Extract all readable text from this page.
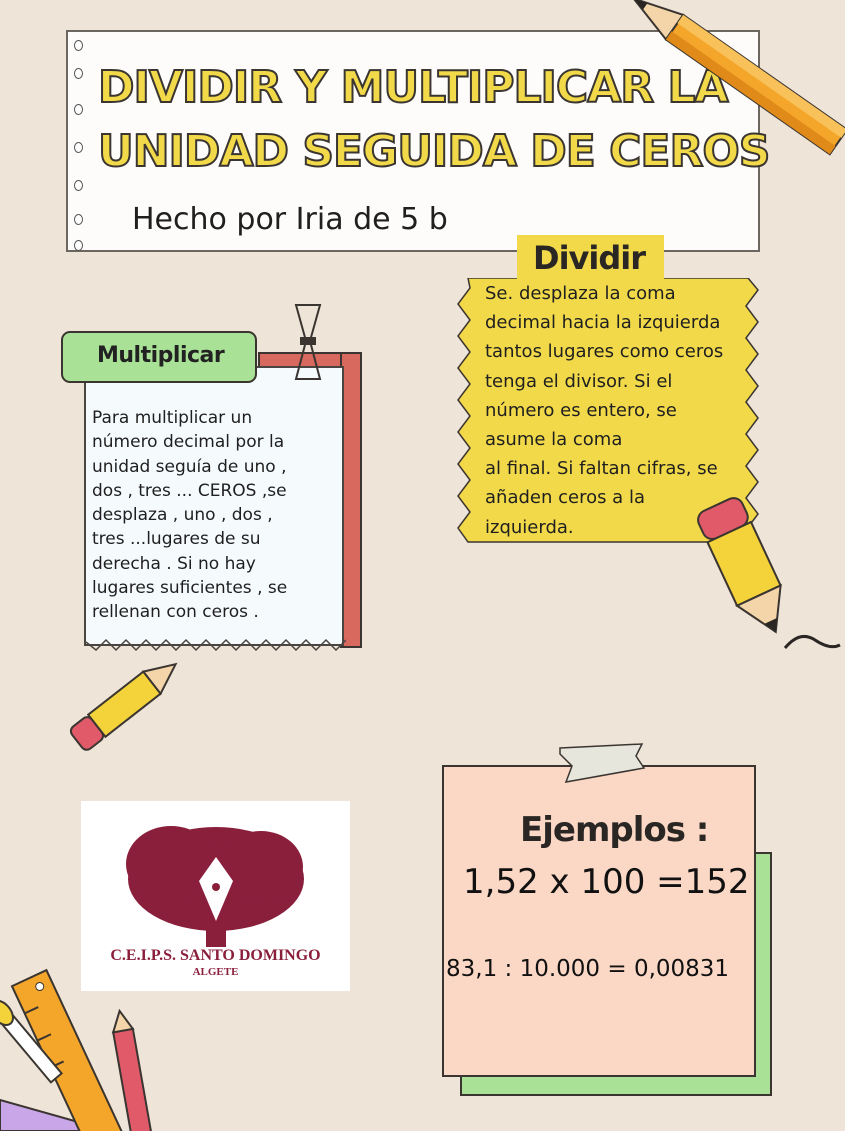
DIVIDIR Y MULTIPLICAR LA
UNIDAD SEGUIDA DE CEROS

Hecho por Iria de 5 b

Para multiplicar un
número decimal por la
unidad seguía de uno ,
dos , tres ... CEROS ,se
desplaza , uno , dos ,
tres ...lugares de su
derecha . Si no hay
lugares suficientes , se
rellenan con ceros .

Multiplicar
Dividir

Se. desplaza la coma
decimal hacia la izquierda
tantos lugares como ceros
tenga el divisor. Si el
número es entero, se
asume la coma
al final. Si faltan cifras, se
añaden ceros a la
izquierda.

C.E.I.P.S. SANTO DOMINGO
ALGETE

Ejemplos :

1,52 x 100 =152

83,1 : 10.000 = 0,00831
